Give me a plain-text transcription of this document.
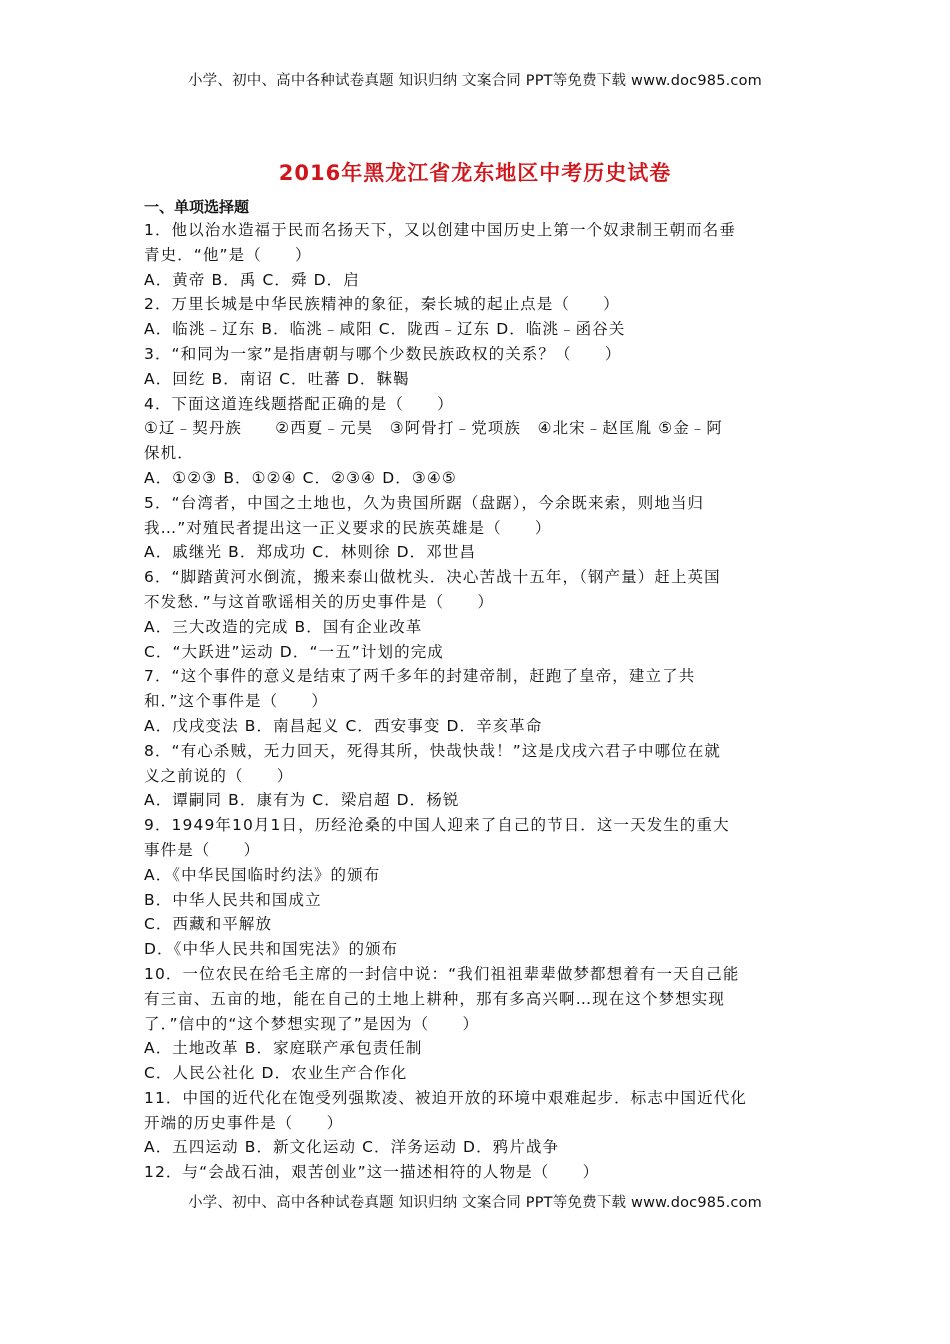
小学、初中、高中各种试卷真题 知识归纳 文案合同 PPT等免费下载 www.doc985.com
2016年黑龙江省龙东地区中考历史试卷
一、单项选择题
1．他以治水造福于民而名扬天下，又以创建中国历史上第一个奴隶制王朝而名垂
青史．“他”是（　　）
A．黄帝 B．禹 C．舜 D．启
2．万里长城是中华民族精神的象征，秦长城的起止点是（　　）
A．临洮﹣辽东 B．临洮﹣咸阳 C．陇西﹣辽东 D．临洮﹣函谷关
3．“和同为一家”是指唐朝与哪个少数民族政权的关系？（　　）
A．回纥 B．南诏 C．吐蕃 D．靺鞨
4．下面这道连线题搭配正确的是（　　）
①辽﹣契丹族　　②西夏﹣元昊　③阿骨打﹣党项族　④北宋﹣赵匡胤 ⑤金﹣阿
保机．
A．①②③ B．①②④ C．②③④ D．③④⑤
5．“台湾者，中国之土地也，久为贵国所踞（盘踞），今余既来索，则地当归
我…”对殖民者提出这一正义要求的民族英雄是（　　）
A．戚继光 B．郑成功 C．林则徐 D．邓世昌
6．“脚踏黄河水倒流，搬来泰山做枕头．决心苦战十五年，（钢产量）赶上英国
不发愁．”与这首歌谣相关的历史事件是（　　）
A．三大改造的完成 B．国有企业改革
C．“大跃进”运动 D．“一五”计划的完成
7．“这个事件的意义是结束了两千多年的封建帝制，赶跑了皇帝，建立了共
和．”这个事件是（　　）
A．戊戌变法 B．南昌起义 C．西安事变 D．辛亥革命
8．“有心杀贼，无力回天，死得其所，快哉快哉！”这是戊戌六君子中哪位在就
义之前说的（　　）
A．谭嗣同 B．康有为 C．梁启超 D．杨锐
9．1949年10月1日，历经沧桑的中国人迎来了自己的节日．这一天发生的重大
事件是（　　）
A．《中华民国临时约法》的颁布
B．中华人民共和国成立
C．西藏和平解放
D．《中华人民共和国宪法》的颁布
10．一位农民在给毛主席的一封信中说：“我们祖祖辈辈做梦都想着有一天自己能
有三亩、五亩的地，能在自己的土地上耕种，那有多高兴啊…现在这个梦想实现
了．”信中的“这个梦想实现了”是因为（　　）
A．土地改革 B．家庭联产承包责任制
C．人民公社化 D．农业生产合作化
11．中国的近代化在饱受列强欺凌、被迫开放的环境中艰难起步．标志中国近代化
开端的历史事件是（　　）
A．五四运动 B．新文化运动 C．洋务运动 D．鸦片战争
12．与“会战石油，艰苦创业”这一描述相符的人物是（　　）
小学、初中、高中各种试卷真题 知识归纳 文案合同 PPT等免费下载 www.doc985.com
